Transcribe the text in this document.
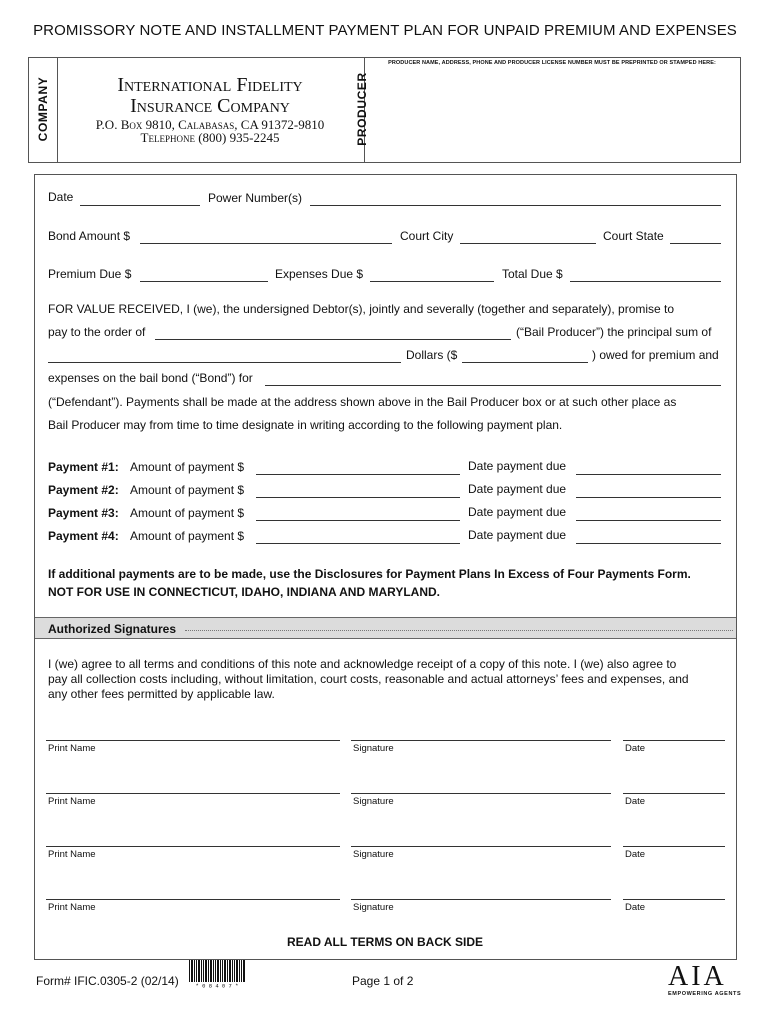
PROMISSORY NOTE AND INSTALLMENT PAYMENT PLAN FOR UNPAID PREMIUM AND EXPENSES
COMPANY	PRODUCER
International Fidelity
Insurance Company
P.O. Box 9810, Calabasas, CA 91372-9810
Telephone (800) 935-2245
PRODUCER NAME, ADDRESS, PHONE AND PRODUCER LICENSE NUMBER MUST BE PREPRINTED OR STAMPED HERE:
Date	Power Number(s)
Bond Amount $	Court City	Court State
Premium Due $	Expenses Due $	Total Due $
FOR VALUE RECEIVED, I (we), the undersigned Debtor(s), jointly and severally (together and separately), promise to
pay to the order of	(“Bail Producer”) the principal sum of
Dollars ($	) owed for premium and
expenses on the bail bond (“Bond”) for
(“Defendant”). Payments shall be made at the address shown above in the Bail Producer box or at such other place as
Bail Producer may from time to time designate in writing according to the following payment plan.
Payment #1: Amount of payment $	Date payment due
Payment #2: Amount of payment $	Date payment due
Payment #3: Amount of payment $	Date payment due
Payment #4: Amount of payment $	Date payment due
If additional payments are to be made, use the Disclosures for Payment Plans In Excess of Four Payments Form.
NOT FOR USE IN CONNECTICUT, IDAHO, INDIANA AND MARYLAND.
Authorized Signatures
I (we) agree to all terms and conditions of this note and acknowledge receipt of a copy of this note. I (we) also agree to
pay all collection costs including, without limitation, court costs, reasonable and actual attorneys’ fees and expenses, and
any other fees permitted by applicable law.
Print Name	Signature	Date
Print Name	Signature	Date
Print Name	Signature	Date
Print Name	Signature	Date
READ ALL TERMS ON BACK SIDE
Form# IFIC.0305-2 (02/14)	* 0 8 4 0 7 *	Page 1 of 2	AIA
EMPOWERING AGENTS
